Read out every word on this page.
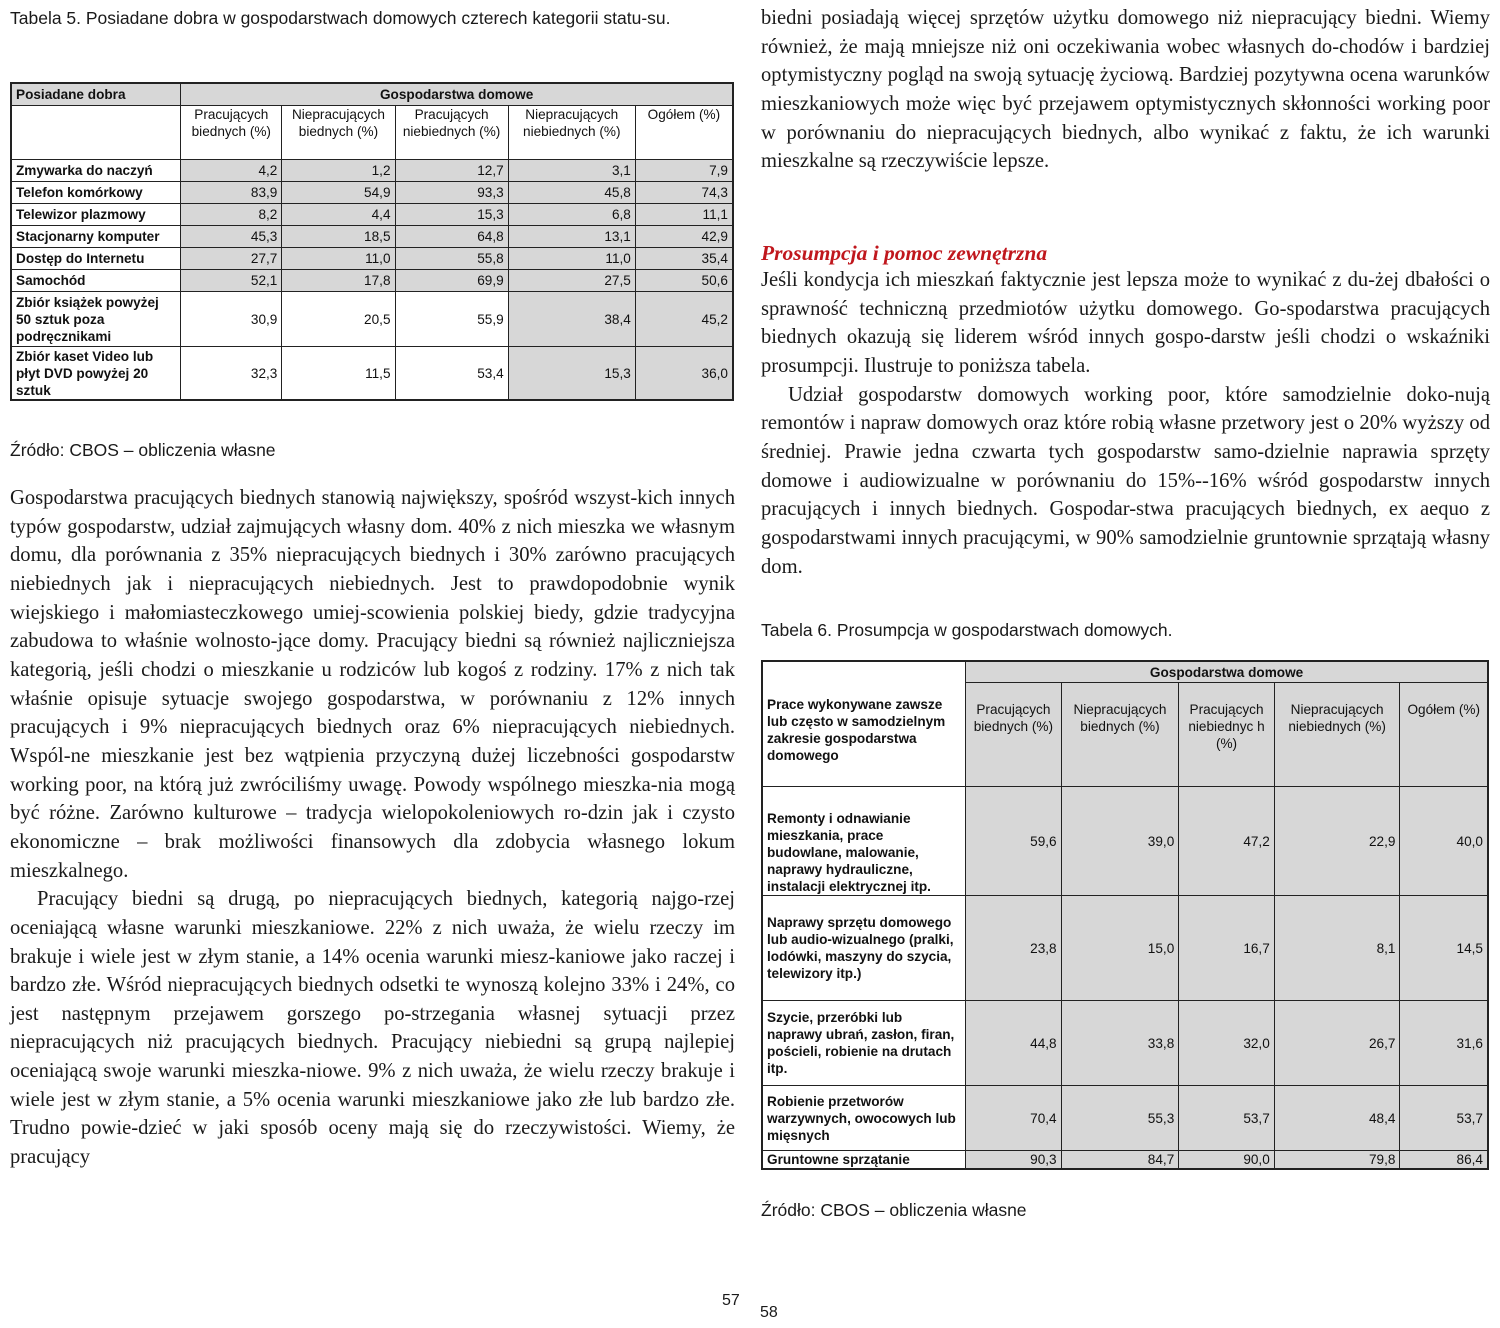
Tabela 5. Posiadane dobra w gospodarstwach domowych czterech kategorii statu-su.
Posiadane dobra	Gospodarstwa domowe				
	Pracujących biednych (%)	Niepracujących biednych (%)	Pracujących niebiednych (%)	Niepracujących niebiednych (%)	Ogółem (%)
Zmywarka do naczyń	4,2	1,2	12,7	3,1	7,9
Telefon komórkowy	83,9	54,9	93,3	45,8	74,3
Telewizor plazmowy	8,2	4,4	15,3	6,8	11,1
Stacjonarny komputer	45,3	18,5	64,8	13,1	42,9
Dostęp do Internetu	27,7	11,0	55,8	11,0	35,4
Samochód	52,1	17,8	69,9	27,5	50,6
Zbiór książek powyżej 50 sztuk poza podręcznikami	30,9	20,5	55,9	38,4	45,2
Zbiór kaset Video lub płyt DVD powyżej 20 sztuk	32,3	11,5	53,4	15,3	36,0
Źródło: CBOS – obliczenia własne

Gospodarstwa pracujących biednych stanowią największy, spośród wszyst-kich innych typów gospodarstw, udział zajmujących własny dom. 40% z nich mieszka we własnym domu, dla porównania z 35% niepracujących biednych i 30% zarówno pracujących niebiednych jak i niepracujących niebiednych. Jest to prawdopodobnie wynik wiejskiego i małomiasteczkowego umiej-scowienia polskiej biedy, gdzie tradycyjna zabudowa to właśnie wolnosto-jące domy. Pracujący biedni są również najliczniejsza kategorią, jeśli chodzi o mieszkanie u rodziców lub kogoś z rodziny. 17% z nich tak właśnie opisuje sytuacje swojego gospodarstwa, w porównaniu z 12% innych pracujących i 9% niepracujących biednych oraz 6% niepracujących niebiednych. Wspól-ne mieszkanie jest bez wątpienia przyczyną dużej liczebności gospodarstw working poor, na którą już zwróciliśmy uwagę. Powody wspólnego mieszka-nia mogą być różne. Zarówno kulturowe – tradycja wielopokoleniowych ro-dzin jak i czysto ekonomiczne – brak możliwości finansowych dla zdobycia własnego lokum mieszkalnego.

Pracujący biedni są drugą, po niepracujących biednych, kategorią najgo-rzej oceniającą własne warunki mieszkaniowe. 22% z nich uważa, że wielu rzeczy im brakuje i wiele jest w złym stanie, a 14% ocenia warunki miesz-kaniowe jako raczej i bardzo złe. Wśród niepracujących biednych odsetki te wynoszą kolejno 33% i 24%, co jest następnym przejawem gorszego po-strzegania własnej sytuacji przez niepracujących niż pracujących biednych. Pracujący niebiedni są grupą najlepiej oceniającą swoje warunki mieszka-niowe. 9% z nich uważa, że wielu rzeczy brakuje i wiele jest w złym stanie, a 5% ocenia warunki mieszkaniowe jako złe lub bardzo złe. Trudno powie-dzieć w jaki sposób oceny mają się do rzeczywistości. Wiemy, że pracujący

57

biedni posiadają więcej sprzętów użytku domowego niż niepracujący biedni. Wiemy również, że mają mniejsze niż oni oczekiwania wobec własnych do-chodów i bardziej optymistyczny pogląd na swoją sytuację życiową. Bardziej pozytywna ocena warunków mieszkaniowych może więc być przejawem optymistycznych skłonności working poor w porównaniu do niepracujących biednych, albo wynikać z faktu, że ich warunki mieszkalne są rzeczywiście lepsze.

Prosumpcja i pomoc zewnętrzna

Jeśli kondycja ich mieszkań faktycznie jest lepsza może to wynikać z du-żej dbałości o sprawność techniczną przedmiotów użytku domowego. Go-spodarstwa pracujących biednych okazują się liderem wśród innych gospo-darstw jeśli chodzi o wskaźniki prosumpcji. Ilustruje to poniższa tabela.

Udział gospodarstw domowych working poor, które samodzielnie doko-nują remontów i napraw domowych oraz które robią własne przetwory jest o 20% wyższy od średniej. Prawie jedna czwarta tych gospodarstw samo-dzielnie naprawia sprzęty domowe i audiowizualne w porównaniu do 15%--16% wśród gospodarstw innych pracujących i innych biednych. Gospodar-stwa pracujących biednych, ex aequo z gospodarstwami innych pracującymi, w 90% samodzielnie gruntownie sprzątają własny dom.

Tabela 6. Prosumpcja w gospodarstwach domowych.
Źródło: CBOS – obliczenia własne
58
Prace wykonywane zawsze lub często w samodzielnym zakresie gospodarstwa domowego	Gospodarstwa domowe				
	Pracujących biednych (%)	Niepracujących biednych (%)	Pracujących niebiednyc h (%)	Niepracujących niebiednych (%)	Ogółem (%)
Remonty i odnawianie mieszkania, prace budowlane, malowanie, naprawy hydrauliczne, instalacji elektrycznej itp.	59,6	39,0	47,2	22,9	40,0
Naprawy sprzętu domowego lub audio-wizualnego (pralki, lodówki, maszyny do szycia, telewizory itp.)	23,8	15,0	16,7	8,1	14,5
Szycie, przeróbki lub naprawy ubrań, zasłon, firan, pościeli, robienie na drutach itp.	44,8	33,8	32,0	26,7	31,6
Robienie przetworów warzywnych, owocowych lub mięsnych	70,4	55,3	53,7	48,4	53,7
Gruntowne sprzątanie	90,3	84,7	90,0	79,8	86,4
